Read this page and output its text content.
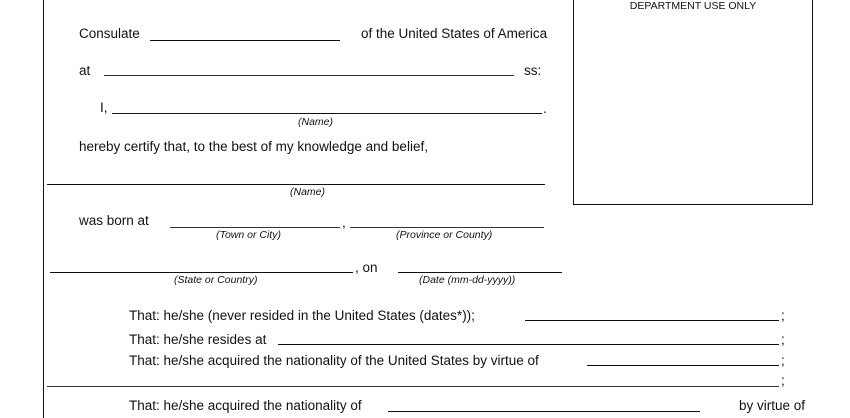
DEPARTMENT USE ONLY
Consulate	of the United States of America
at	ss:
I,	.
(Name)
hereby certify that, to the best of my knowledge and belief,
(Name)
was born at	,
(Town or City)	(Province or County)
, on
(State or Country)	(Date (mm-dd-yyyy))
That: he/she (never resided in the United States (dates*));	;
That: he/she resides at	;
That: he/she acquired the nationality of the United States by virtue of	;
;
That: he/she acquired the nationality of	by virtue of
